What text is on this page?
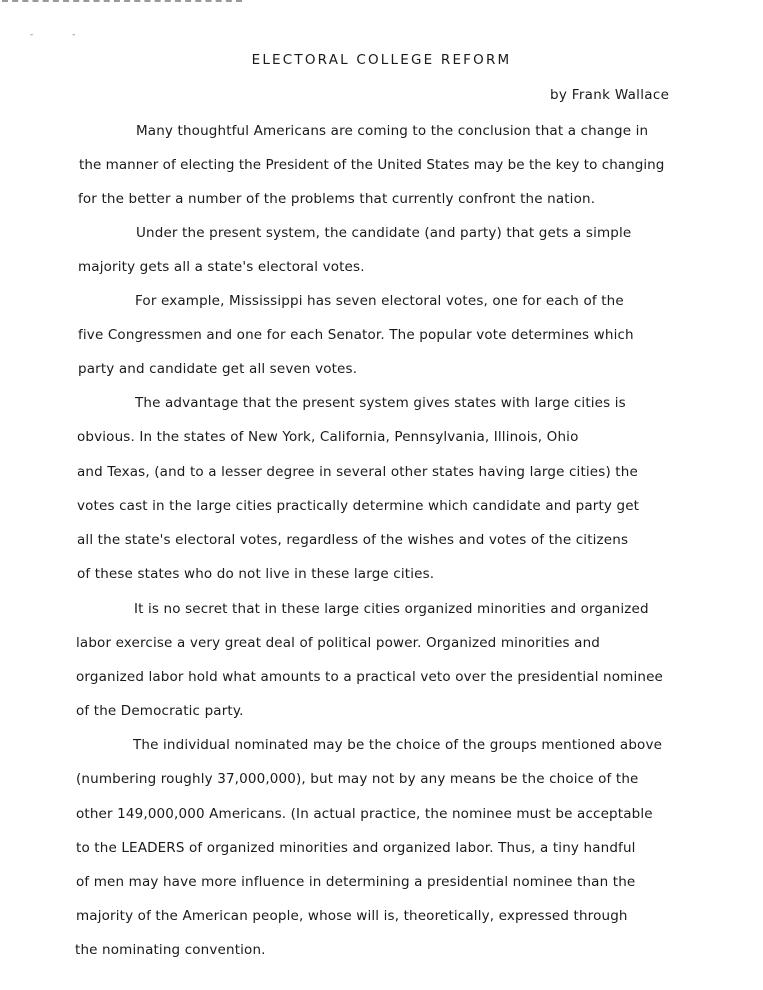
- -
ELECTORAL COLLEGE REFORM
by Frank Wallace
Many thoughtful Americans are coming to the conclusion that a change in
the manner of electing the President of the United States may be the key to changing
for the better a number of the problems that currently confront the nation.
Under the present system, the candidate (and party) that gets a simple
majority gets all a state's electoral votes.
For example, Mississippi has seven electoral votes, one for each of the
five Congressmen and one for each Senator. The popular vote determines which
party and candidate get all seven votes.
The advantage that the present system gives states with large cities is
obvious. In the states of New York, California, Pennsylvania, Illinois, Ohio
and Texas, (and to a lesser degree in several other states having large cities) the
votes cast in the large cities practically determine which candidate and party get
all the state's electoral votes, regardless of the wishes and votes of the citizens
of these states who do not live in these large cities.
It is no secret that in these large cities organized minorities and organized
labor exercise a very great deal of political power. Organized minorities and
organized labor hold what amounts to a practical veto over the presidential nominee
of the Democratic party.
The individual nominated may be the choice of the groups mentioned above
(numbering roughly 37,000,000), but may not by any means be the choice of the
other 149,000,000 Americans. (In actual practice, the nominee must be acceptable
to the LEADERS of organized minorities and organized labor. Thus, a tiny handful
of men may have more influence in determining a presidential nominee than the
majority of the American people, whose will is, theoretically, expressed through
the nominating convention.
